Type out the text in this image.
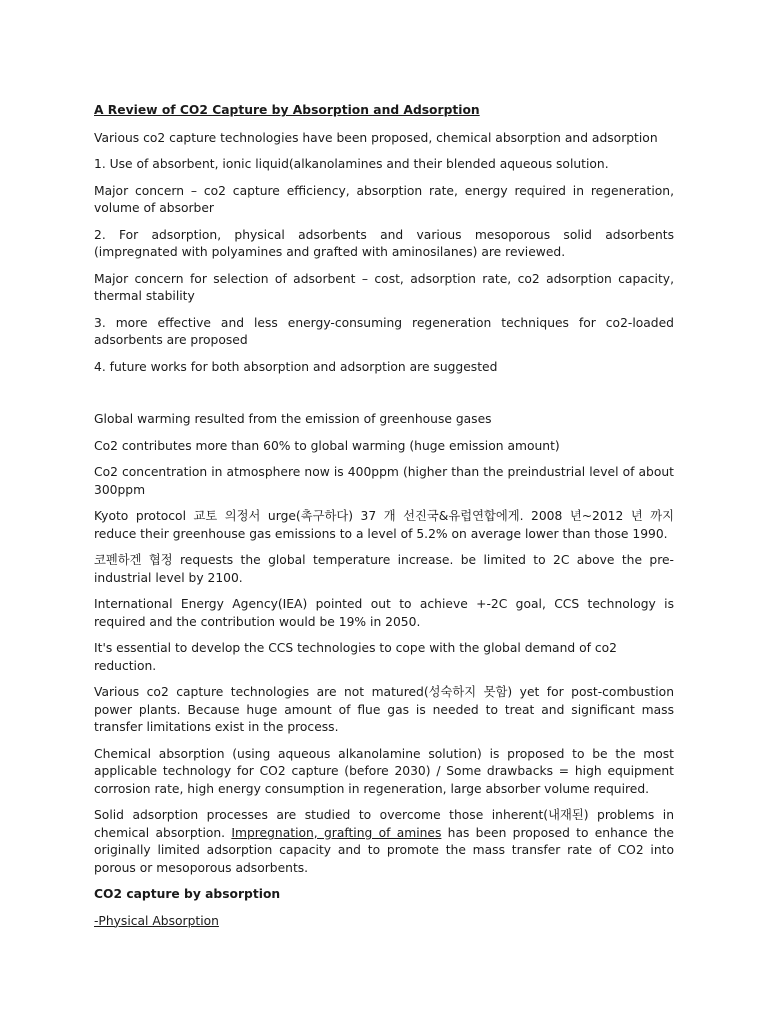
A Review of CO2 Capture by Absorption and Adsorption

Various co2 capture technologies have been proposed, chemical absorption and adsorption

1. Use of absorbent, ionic liquid(alkanolamines and their blended aqueous solution.

Major concern – co2 capture efficiency, absorption rate, energy required in regeneration, volume of absorber

2. For adsorption, physical adsorbents and various mesoporous solid adsorbents (impregnated with polyamines and grafted with aminosilanes) are reviewed.

Major concern for selection of adsorbent – cost, adsorption rate, co2 adsorption capacity, thermal stability

3. more effective and less energy-consuming regeneration techniques for co2-loaded adsorbents are proposed

4. future works for both absorption and adsorption are suggested

Global warming resulted from the emission of greenhouse gases

Co2 contributes more than 60% to global warming (huge emission amount)

Co2 concentration in atmosphere now is 400ppm (higher than the preindustrial level of about 300ppm

Kyoto protocol 교토 의정서 urge(촉구하다) 37 개 선진국&유럽연합에게. 2008 년~2012 년 까지 reduce their greenhouse gas emissions to a level of 5.2% on average lower than those 1990.

코펜하겐 협정 requests the global temperature increase. be limited to 2C above the pre-industrial level by 2100.

International Energy Agency(IEA) pointed out to achieve +-2C goal, CCS technology is required and the contribution would be 19% in 2050.

It's essential to develop the CCS technologies to cope with the global demand of co2 reduction.

Various co2 capture technologies are not matured(성숙하지 못함) yet for post-combustion power plants. Because huge amount of flue gas is needed to treat and significant mass transfer limitations exist in the process.

Chemical absorption (using aqueous alkanolamine solution) is proposed to be the most applicable technology for CO2 capture (before 2030) / Some drawbacks = high equipment corrosion rate, high energy consumption in regeneration, large absorber volume required.

Solid adsorption processes are studied to overcome those inherent(내재된) problems in chemical absorption. Impregnation, grafting of amines has been proposed to enhance the originally limited adsorption capacity and to promote the mass transfer rate of CO2 into porous or mesoporous adsorbents.

CO2 capture by absorption

-Physical Absorption
